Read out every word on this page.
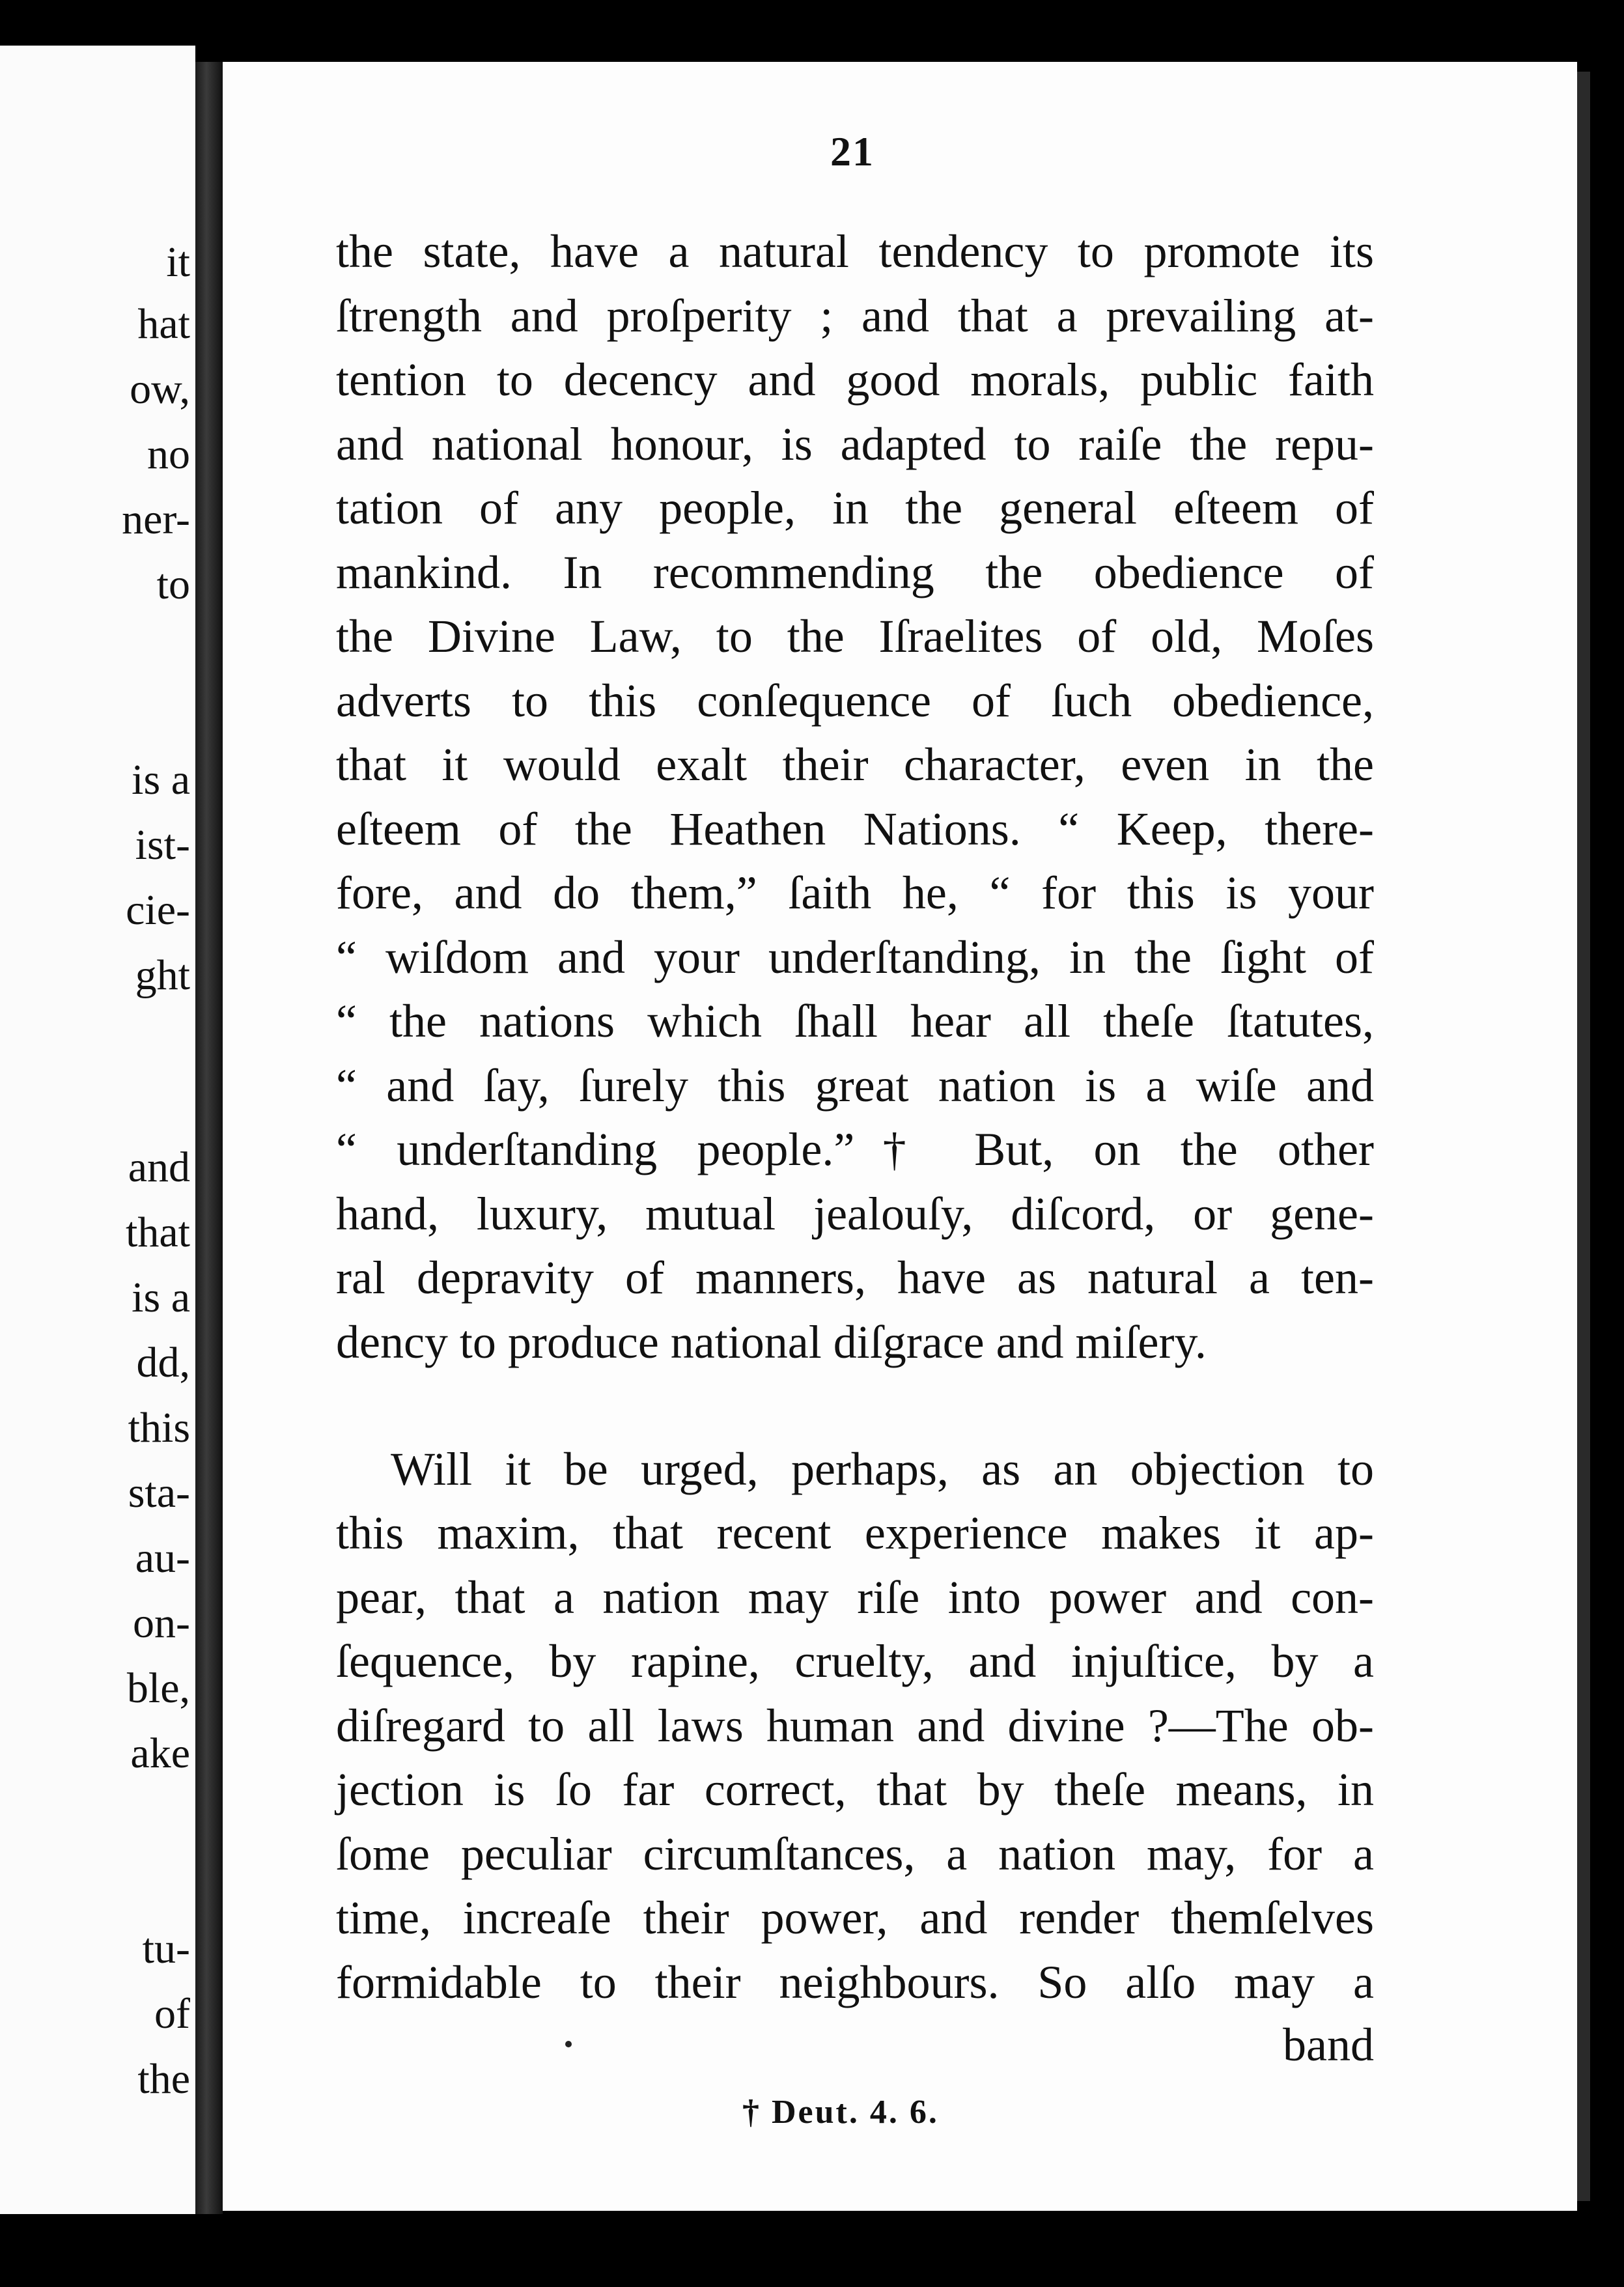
it
hat
ow,
no
ner-
to
is a
ist-
cie-
ght
and
that
is a
dd,
this
sta-
au-
on-
ble,
ake
tu-
of
the
21
the state, have a natural tendency to promote its
ſtrength and proſperity ; and that a prevailing at-
tention to decency and good morals, public faith
and national honour, is adapted to raiſe the repu-
tation of any people, in the general eſteem of
mankind. In recommending the obedience of
the Divine Law, to the Iſraelites of old, Moſes
adverts to this conſequence of ſuch obedience,
that it would exalt their character, even in the
eſteem of the Heathen Nations. “ Keep, there-
fore, and do them,” ſaith he, “ for this is your
“ wiſdom and your underſtanding, in the ſight of
“ the nations which ſhall hear all theſe ſtatutes,
“ and ſay, ſurely this great nation is a wiſe and
“ underſtanding people.”† But, on the other
hand, luxury, mutual jealouſy, diſcord, or gene-
ral depravity of manners, have as natural a ten-
dency to produce national diſgrace and miſery.
Will it be urged, perhaps, as an objection to
this maxim, that recent experience makes it ap-
pear, that a nation may riſe into power and con-
ſequence, by rapine, cruelty, and injuſtice, by a
diſregard to all laws human and divine ?—The ob-
jection is ſo far correct, that by theſe means, in
ſome peculiar circumſtances, a nation may, for a
time, increaſe their power, and render themſelves
formidable to their neighbours. So alſo may a
band
† Deut. 4. 6.
